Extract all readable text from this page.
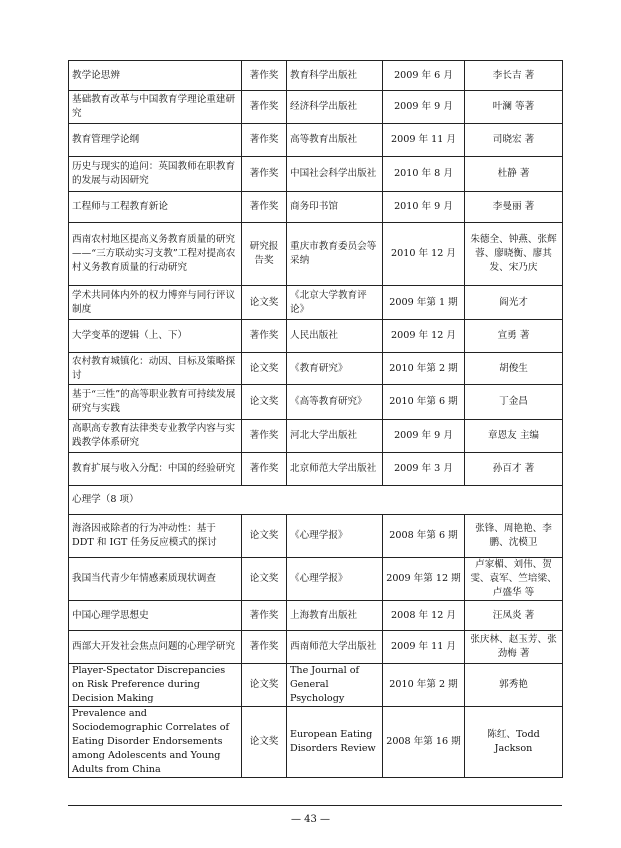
教学论思辨	著作奖	教育科学出版社	2009 年 6 月	李长吉 著
基础教育改革与中国教育学理论重建研究	著作奖	经济科学出版社	2009 年 9 月	叶澜 等著
教育管理学论纲	著作奖	高等教育出版社	2009 年 11 月	司晓宏 著
历史与现实的追问：英国教师在职教育的发展与动因研究	著作奖	中国社会科学出版社	2010 年 8 月	杜静 著
工程师与工程教育新论	著作奖	商务印书馆	2010 年 9 月	李曼丽 著
西南农村地区提高义务教育质量的研究——“三方联动实习支教”工程对提高农村义务教育质量的行动研究	研究报告奖	重庆市教育委员会等采纳	2010 年 12 月	朱德全、钟燕、张辉蓉、廖晓衡、廖其发、宋乃庆
学术共同体内外的权力博弈与同行评议制度	论文奖	《北京大学教育评论》	2009 年第 1 期	阎光才
大学变革的逻辑（上、下）	著作奖	人民出版社	2009 年 12 月	宣勇 著
农村教育城镇化：动因、目标及策略探讨	论文奖	《教育研究》	2010 年第 2 期	胡俊生
基于“三性”的高等职业教育可持续发展研究与实践	论文奖	《高等教育研究》	2010 年第 6 期	丁金昌
高职高专教育法律类专业教学内容与实践教学体系研究	著作奖	河北大学出版社	2009 年 9 月	章恩友 主编
教育扩展与收入分配：中国的经验研究	著作奖	北京师范大学出版社	2009 年 3 月	孙百才 著
心理学（8 项）				
海洛因戒除者的行为冲动性：基于 DDT 和 IGT 任务反应模式的探讨	论文奖	《心理学报》	2008 年第 6 期	张锋、周艳艳、李鹏、沈模卫
我国当代青少年情感素质现状调查	论文奖	《心理学报》	2009 年第 12 期	卢家楣、刘伟、贺雯、袁军、竺培梁、卢盛华 等
中国心理学思想史	著作奖	上海教育出版社	2008 年 12 月	汪凤炎 著
西部大开发社会焦点问题的心理学研究	著作奖	西南师范大学出版社	2009 年 11 月	张庆林、赵玉芳、张劲梅 著
Player-Spectator Discrepancies on Risk Preference during Decision Making	论文奖	The Journal of General Psychology	2010 年第 2 期	郭秀艳
Prevalence and Sociodemographic Correlates of Eating Disorder Endorsements among Adolescents and Young Adults from China	论文奖	European Eating Disorders Review	2008 年第 16 期	陈红、Todd Jackson
— 43 —
